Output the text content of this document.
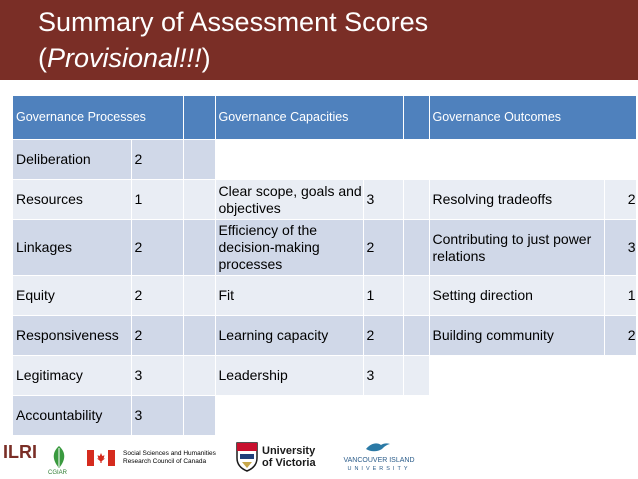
Summary of Assessment Scores
(Provisional!!!)
Governance Processes			Governance Capacities			Governance Outcomes	
Deliberation	2						
Resources	1		Clear scope, goals and objectives	3		Resolving tradeoffs	2
Linkages	2		Efficiency of the decision-making processes	2		Contributing to just power relations	3
Equity	2		Fit	1		Setting direction	1
Responsiveness	2		Learning capacity	2		Building community	2
Legitimacy	3		Leadership	3			
Accountability	3						
ILRI
CGIAR
Social Sciences and Humanities
Research Council of Canada
University
of Victoria	VANCOUVER ISLAND
UNIVERSITY
